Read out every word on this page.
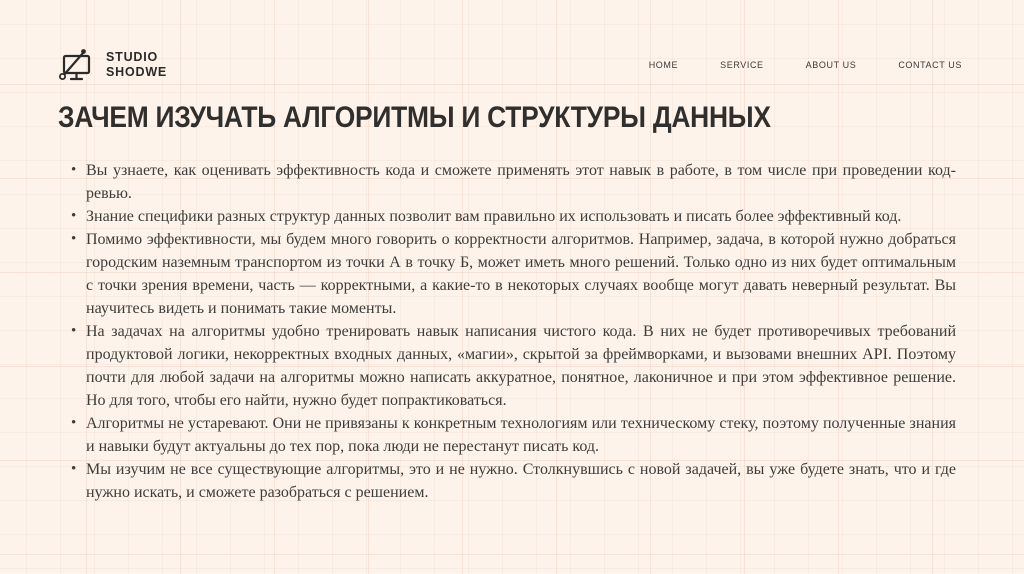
STUDIO
SHODWE	HOME	SERVICE	ABOUT US	CONTACT US
ЗАЧЕМ ИЗУЧАТЬ АЛГОРИТМЫ И СТРУКТУРЫ ДАННЫХ
• Вы узнаете, как оценивать эффективность кода и сможете применять этот навык в работе, в том числе при проведении код-ревью.
• Знание специфики разных структур данных позволит вам правильно их использовать и писать более эффективный код.
• Помимо эффективности, мы будем много говорить о корректности алгоритмов. Например, задача, в которой нужно добраться городским наземным транспортом из точки А в точку Б, может иметь много решений. Только одно из них будет оптимальным с точки зрения времени, часть — корректными, а какие-то в некоторых случаях вообще могут давать неверный результат. Вы научитесь видеть и понимать такие моменты.
• На задачах на алгоритмы удобно тренировать навык написания чистого кода. В них не будет противоречивых требований продуктовой логики, некорректных входных данных, «магии», скрытой за фреймворками, и вызовами внешних API. Поэтому почти для любой задачи на алгоритмы можно написать аккуратное, понятное, лаконичное и при этом эффективное решение. Но для того, чтобы его найти, нужно будет попрактиковаться.
• Алгоритмы не устаревают. Они не привязаны к конкретным технологиям или техническому стеку, поэтому полученные знания и навыки будут актуальны до тех пор, пока люди не перестанут писать код.
• Мы изучим не все существующие алгоритмы, это и не нужно. Столкнувшись с новой задачей, вы уже будете знать, что и где нужно искать, и сможете разобраться с решением.
